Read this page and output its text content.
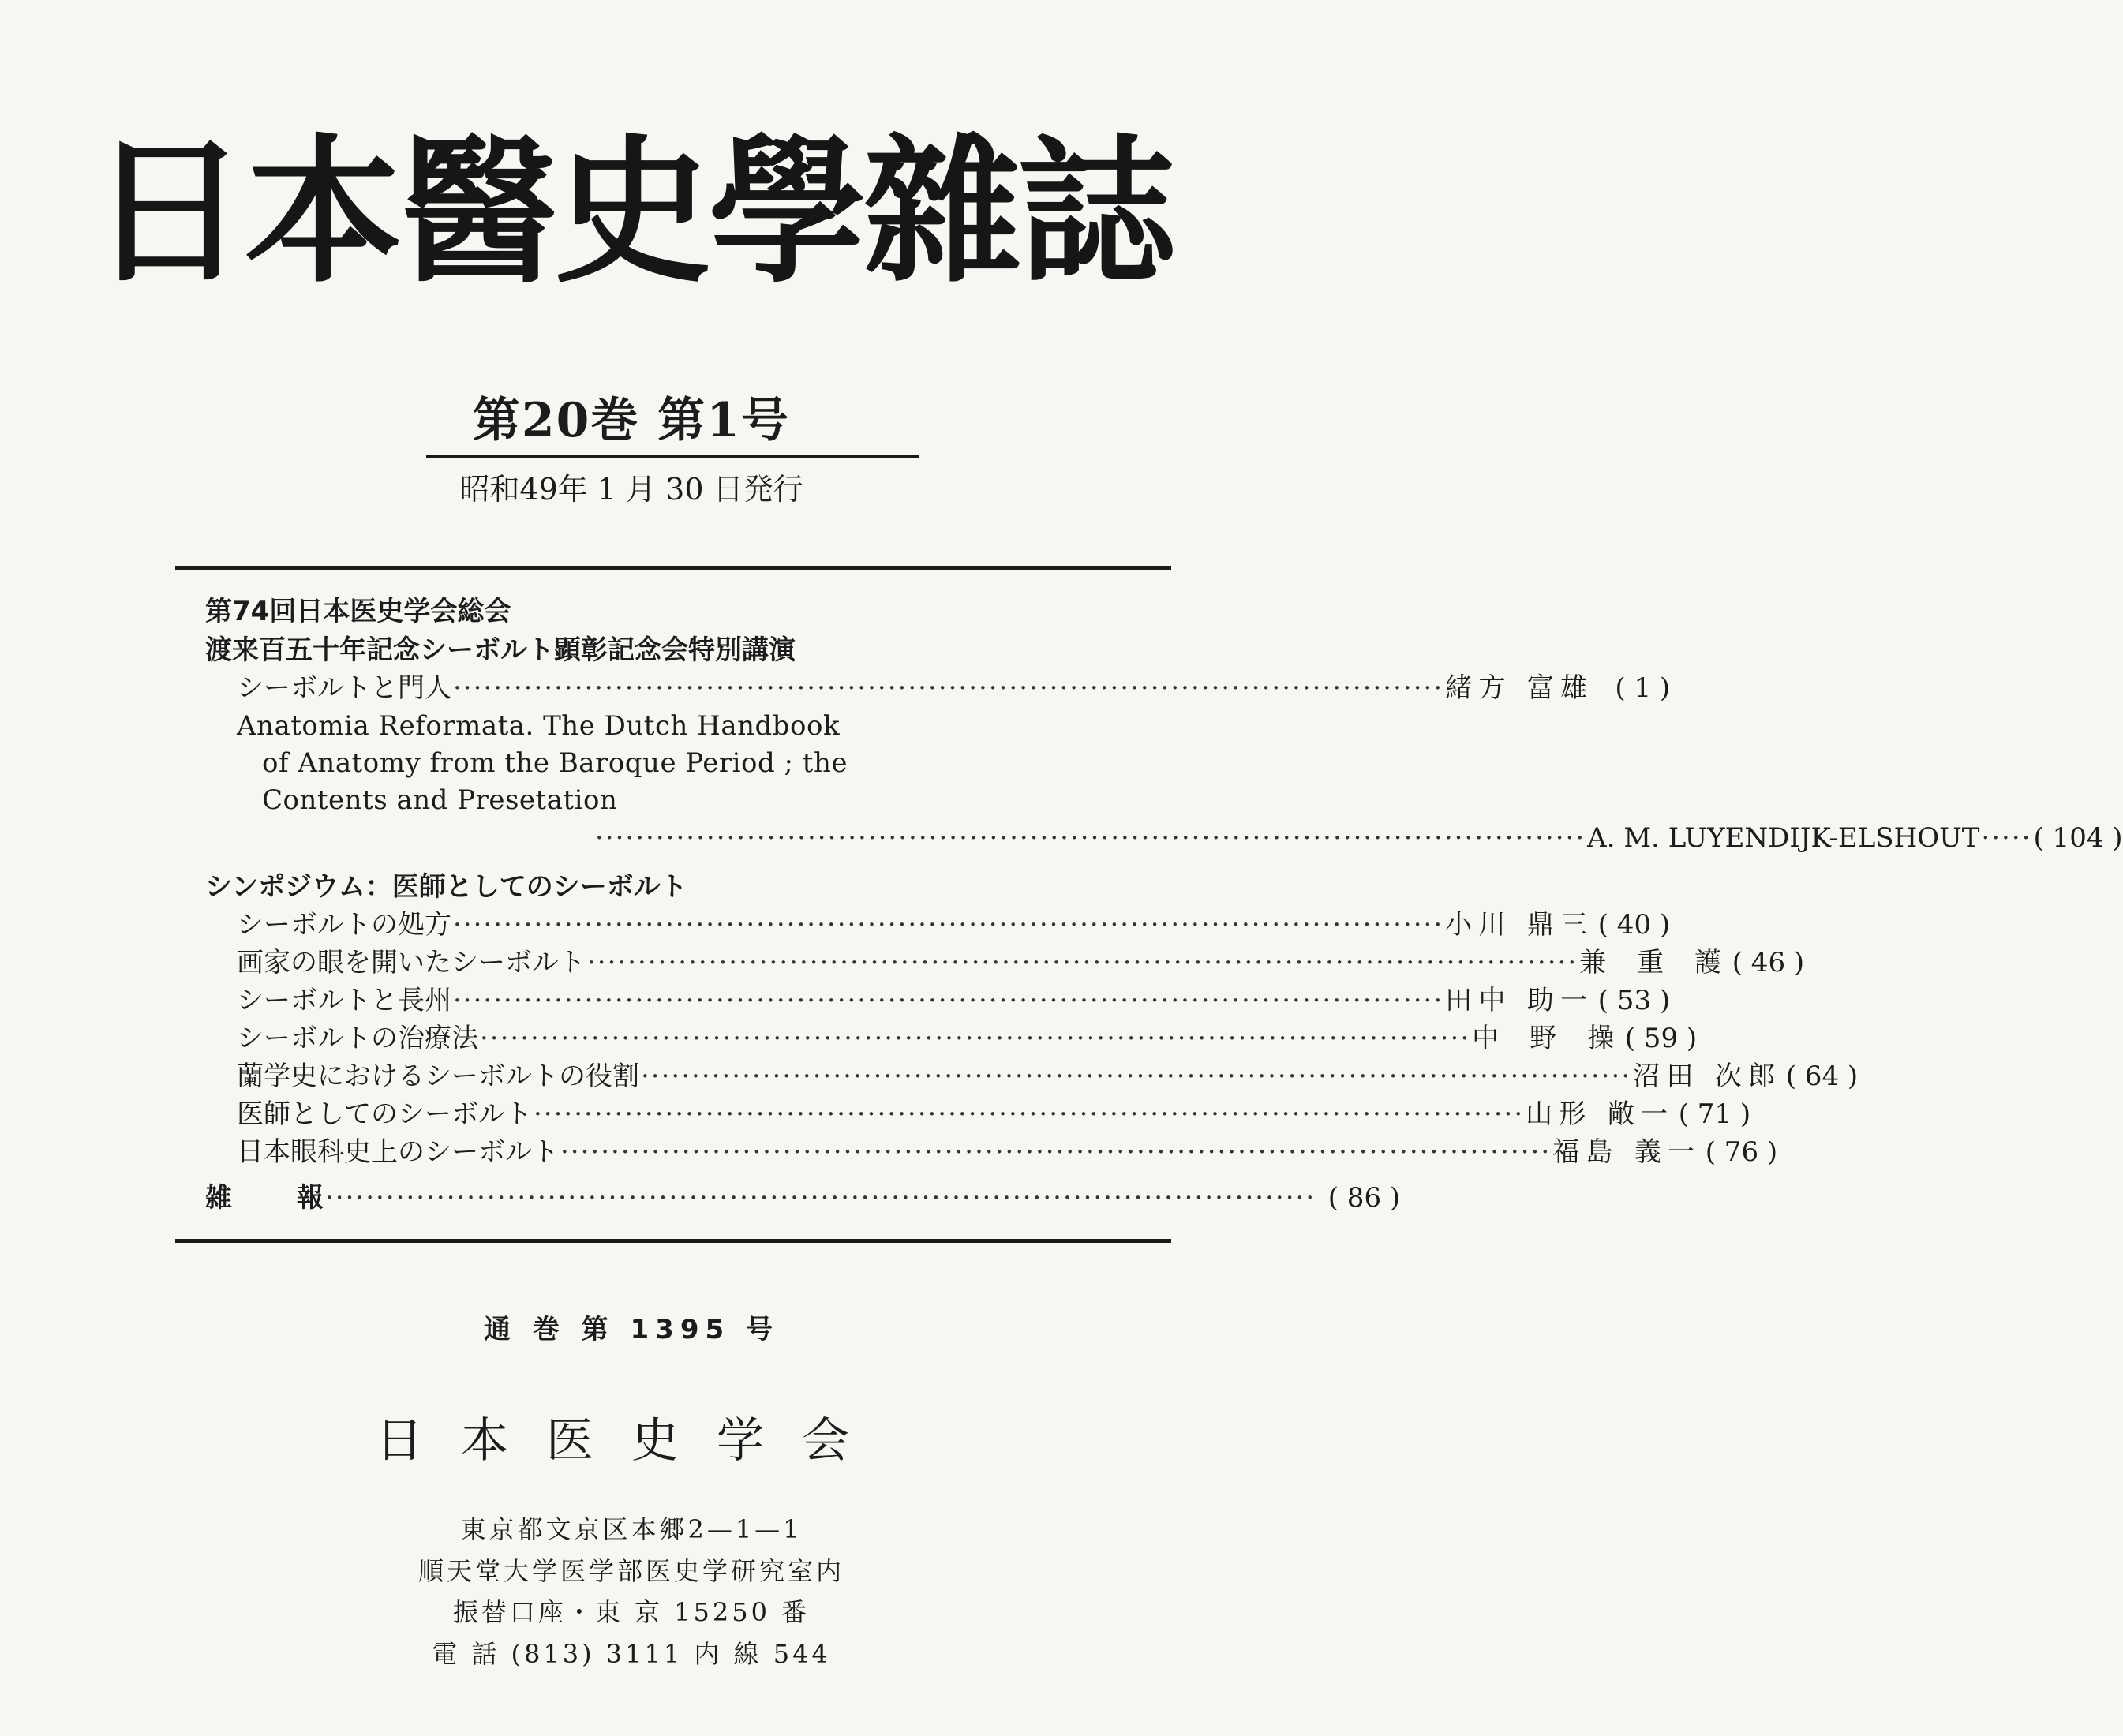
日本醫史學雜誌
第20巻 第1号
昭和49年 1 月 30 日発行
第74回日本医史学会総会
渡来百五十年記念シーボルト顕彰記念会特別講演
シーボルトと門人 ·································································································· 緒方 富雄	( 1 )
Anatomia Reformata. The Dutch Handbook
of Anatomy from the Baroque Period ; the
Contents and Presetation
·································································································· A. M. LUYENDIJK-ELSHOUT ····· ( 104 )
シンポジウム：医師としてのシーボルト
シーボルトの処方 ·································································································· 小川 鼎三 ( 40 )
画家の眼を開いたシーボルト ·································································································· 兼 重 護 ( 46 )
シーボルトと長州 ·································································································· 田中 助一 ( 53 )
シーボルトの治療法 ·································································································· 中 野 操 ( 59 )
蘭学史におけるシーボルトの役割 ·································································································· 沼田 次郎 ( 64 )
医師としてのシーボルト ·································································································· 山形 敞一 ( 71 )
日本眼科史上のシーボルト ·································································································· 福島 義一 ( 76 )
雑 報 ·································································································· ( 86 )
通 巻 第 1395 号
日本医史学会
東京都文京区本郷2—1—1
順天堂大学医学部医史学研究室内
振替口座・東 京 15250 番
電 話 (813) 3111 内 線 544
